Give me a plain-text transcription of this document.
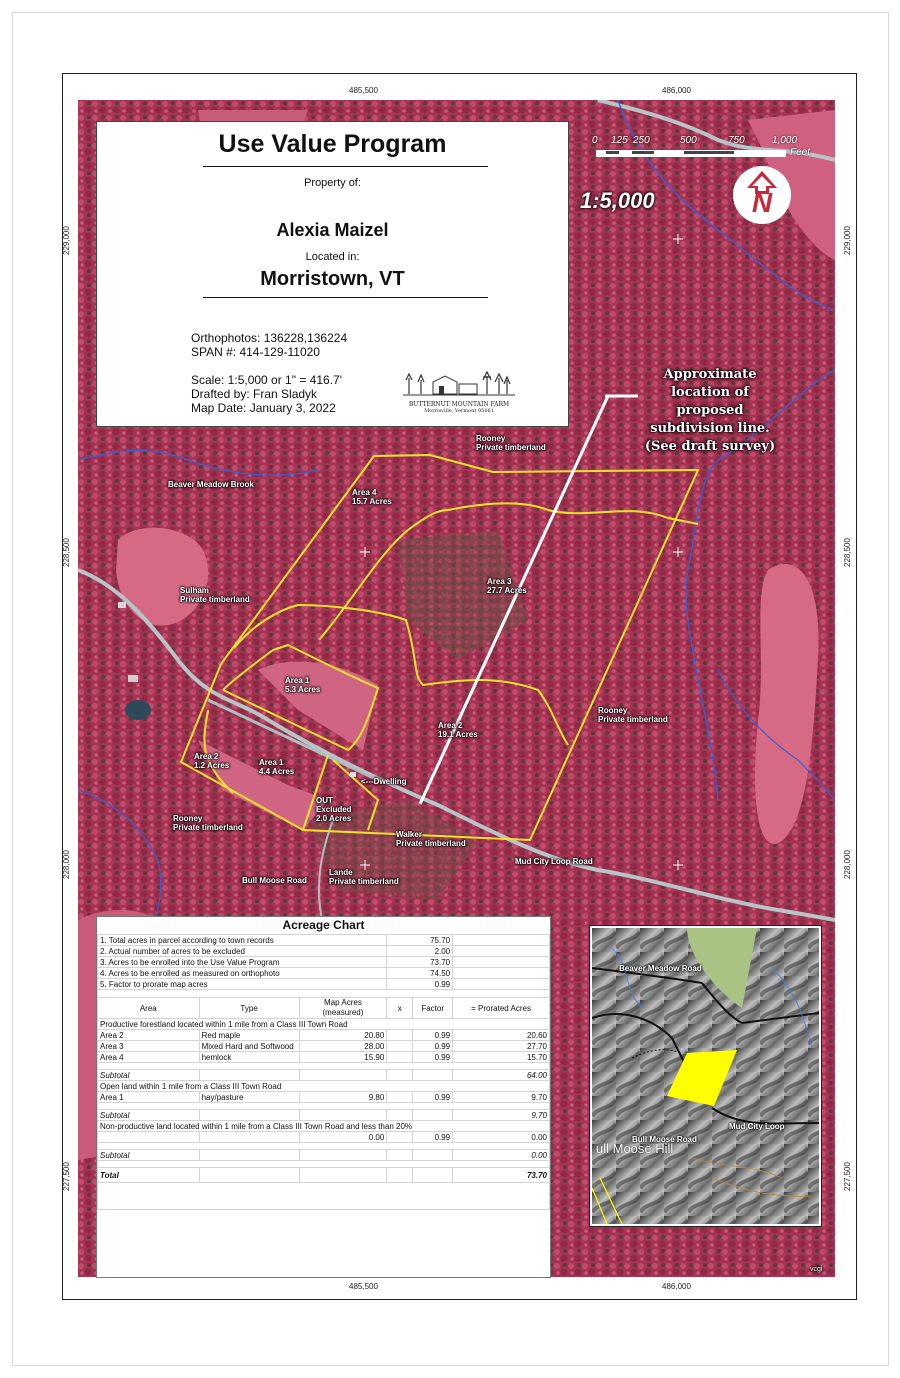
485,500	486,000
485,500	486,000
229,000
228,500
228,000
227,500
229,000
228,500
228,000
227,500
Use Value Program
Property of:
Alexia Maizel
Located in:
Morristown, VT
Orthophotos: 136228,136224
SPAN #: 414-129-11020
Scale: 1:5,000 or 1" = 416.7'
Drafted by: Fran Sladyk
Map Date: January 3, 2022	BUTTERNUT MOUNTAIN FARM
Morrisville, Vermont 05661
0 125 250	500	750	1,000
Feet
1:5,000	N
Approximate
location of
proposed
subdivision line.
(See draft survey)
Beaver Meadow Brook
Rooney
Private timberland
Area 4
15.7 Acres
Area 3
27.7 Acres
Sulham
Private timberland
Area 1
5.3 Acres
Area 2
19.1 Acres
Rooney
Private timberland
Area 2
1.2 Acres	Area 1
4.4 Acres
<---Dwelling
OUT
Excluded
2.0 Acres
Rooney
Private timberland
Walker
Private timberland
Mud City Loop Road
Bull Moose Road
Lande
Private timberland
vcgi
Acreage Chart
1. Total acres in parcel according to town records			75.70		
2. Actual number of acres to be excluded			2.00		
3. Acres to be enrolled into the Use Value Program			73.70		
4. Acres to be enrolled as measured on orthophoto			74.50		
5. Factor to prorate map acres			0.99		

Area	Type	Map Acres
(measured)	x	Factor	= Prorated Acres
Productive forestland located within 1 mile from a Class III Town Road					
Area 2	Red maple	20.80		0.99	20.60
Area 3	Mixed Hard and Softwood	28.00		0.99	27.70
Area 4	hemlock	15.90		0.99	15.70

Subtotal					64.00
Open land within 1 mile from a Class III Town Road					
Area 1	hay/pasture	9.80		0.99	9.70

Subtotal					9.70
Non-productive land located within 1 mile from a Class III Town Road and less than 20%					
		0.00		0.99	0.00

Subtotal					0.00

Total					73.70

Beaver Meadow Road
Mud City Loop
Bull Moose Road
ull Moose Hill
